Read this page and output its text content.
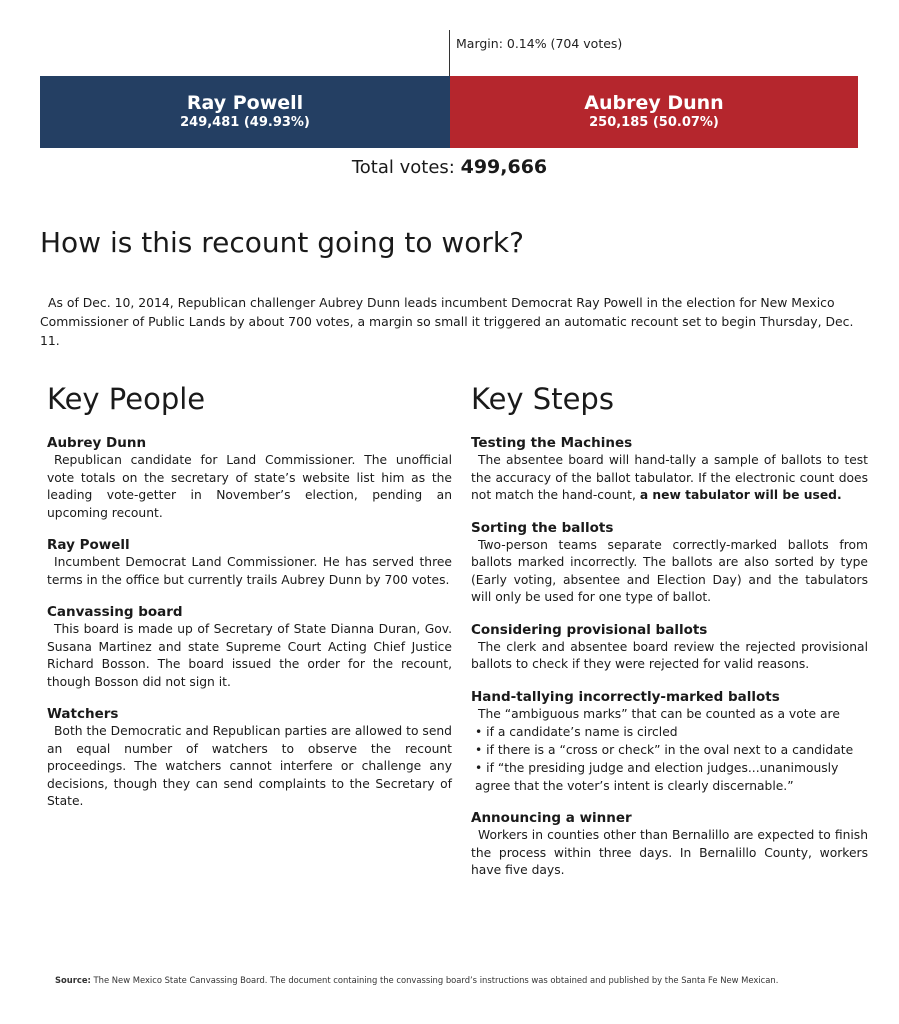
Margin: 0.14% (704 votes)
Ray Powell
249,481 (49.93%)
Aubrey Dunn
250,185 (50.07%)
Total votes: 499,666
How is this recount going to work?

As of Dec. 10, 2014, Republican challenger Aubrey Dunn leads incumbent Democrat Ray Powell in the election for New Mexico Commissioner of Public Lands by about 700 votes, a margin so small it triggered an automatic recount set to begin Thursday, Dec. 11.

Key People
Aubrey Dunn

Republican candidate for Land Commissioner. The unofficial vote totals on the secretary of state’s website list him as the leading vote-getter in November’s election, pending an upcoming recount.

Ray Powell

Incumbent Democrat Land Commissioner. He has served three terms in the office but currently trails Aubrey Dunn by 700 votes.

Canvassing board

This board is made up of Secretary of State Dianna Duran, Gov. Susana Martinez and state Supreme Court Acting Chief Justice Richard Bosson. The board issued the order for the recount, though Bosson did not sign it.

Watchers

Both the Democratic and Republican parties are allowed to send an equal number of watchers to observe the recount proceedings. The watchers cannot interfere or challenge any decisions, though they can send complaints to the Secretary of State.

Key Steps
Testing the Machines

The absentee board will hand-tally a sample of ballots to test the accuracy of the ballot tabulator. If the electronic count does not match the hand-count, a new tabulator will be used.

Sorting the ballots

Two-person teams separate correctly-marked ballots from ballots marked incorrectly. The ballots are also sorted by type (Early voting, absentee and Election Day) and the tabulators will only be used for one type of ballot.

Considering provisional ballots

The clerk and absentee board review the rejected provisional ballots to check if they were rejected for valid reasons.

Hand-tallying incorrectly-marked ballots

The “ambiguous marks” that can be counted as a vote are

• if a candidate’s name is circled
• if there is a “cross or check” in the oval next to a candidate
• if “the presiding judge and election judges...unanimously agree that the voter’s intent is clearly discernable.”
Announcing a winner

Workers in counties other than Bernalillo are expected to finish the process within three days. In Bernalillo County, workers have five days.

Source: The New Mexico State Canvassing Board. The document containing the convassing board’s instructions was obtained and published by the Santa Fe New Mexican.
